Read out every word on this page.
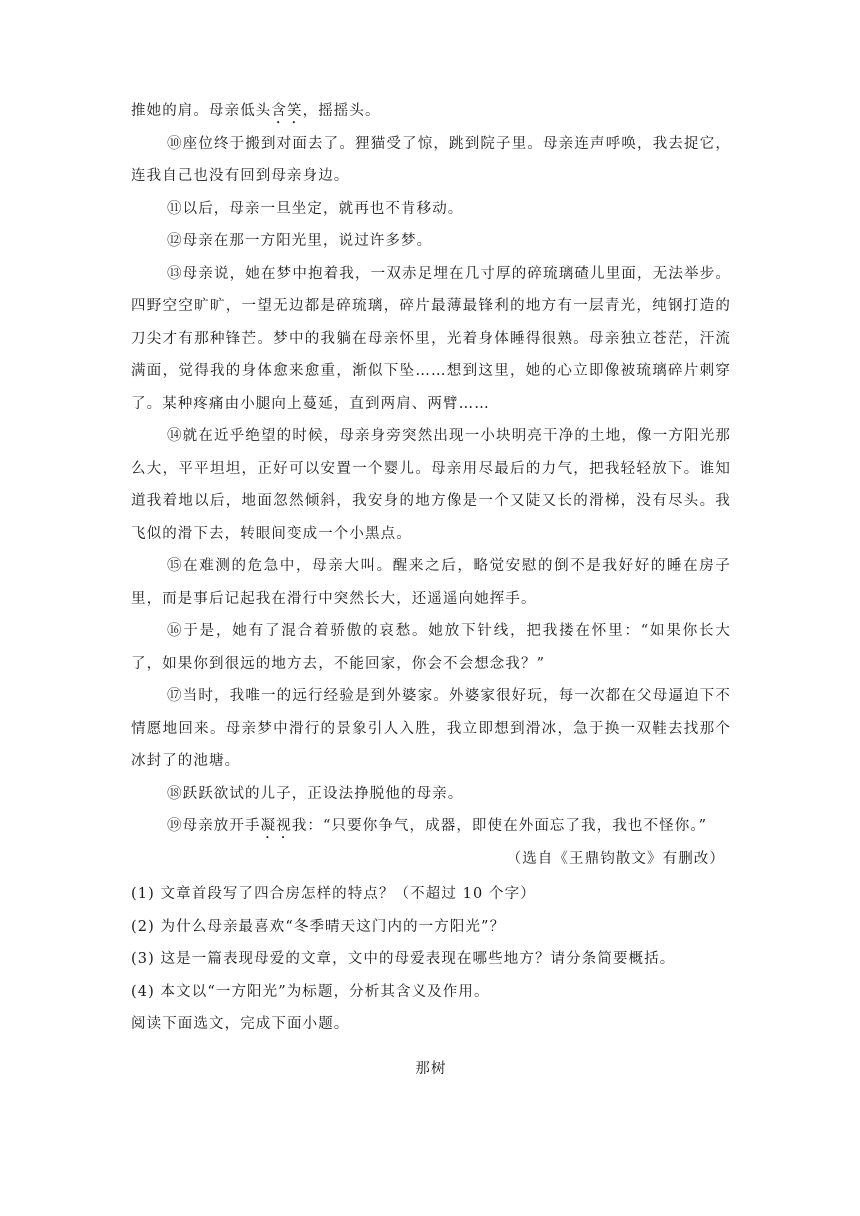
推她的肩。母亲低头含笑，摇摇头。

⑩座位终于搬到对面去了。狸猫受了惊，跳到院子里。母亲连声呼唤，我去捉它，连我自己也没有回到母亲身边。

⑪以后，母亲一旦坐定，就再也不肯移动。

⑫母亲在那一方阳光里，说过许多梦。

⑬母亲说，她在梦中抱着我，一双赤足埋在几寸厚的碎琉璃碴儿里面，无法举步。四野空空旷旷，一望无边都是碎琉璃，碎片最薄最锋利的地方有一层青光，纯钢打造的刀尖才有那种锋芒。梦中的我躺在母亲怀里，光着身体睡得很熟。母亲独立苍茫，汗流满面，觉得我的身体愈来愈重，渐似下坠……想到这里，她的心立即像被琉璃碎片刺穿了。某种疼痛由小腿向上蔓延，直到两肩、两臂……

⑭就在近乎绝望的时候，母亲身旁突然出现一小块明亮干净的土地，像一方阳光那么大，平平坦坦，正好可以安置一个婴儿。母亲用尽最后的力气，把我轻轻放下。谁知道我着地以后，地面忽然倾斜，我安身的地方像是一个又陡又长的滑梯，没有尽头。我飞似的滑下去，转眼间变成一个小黑点。

⑮在难测的危急中，母亲大叫。醒来之后，略觉安慰的倒不是我好好的睡在房子里，而是事后记起我在滑行中突然长大，还遥遥向她挥手。

⑯于是，她有了混合着骄傲的哀愁。她放下针线，把我搂在怀里：“如果你长大了，如果你到很远的地方去，不能回家，你会不会想念我？”

⑰当时，我唯一的远行经验是到外婆家。外婆家很好玩，每一次都在父母逼迫下不情愿地回来。母亲梦中滑行的景象引人入胜，我立即想到滑冰，急于换一双鞋去找那个冰封了的池塘。

⑱跃跃欲试的儿子，正设法挣脱他的母亲。

⑲母亲放开手凝视我：“只要你争气，成器，即使在外面忘了我，我也不怪你。”

（选自《王鼎钧散文》有删改）

(1) 文章首段写了四合房怎样的特点？（不超过 10 个字）

(2) 为什么母亲最喜欢“冬季晴天这门内的一方阳光”？

(3) 这是一篇表现母爱的文章，文中的母爱表现在哪些地方？请分条简要概括。

(4) 本文以“一方阳光”为标题，分析其含义及作用。

阅读下面选文，完成下面小题。

那树
